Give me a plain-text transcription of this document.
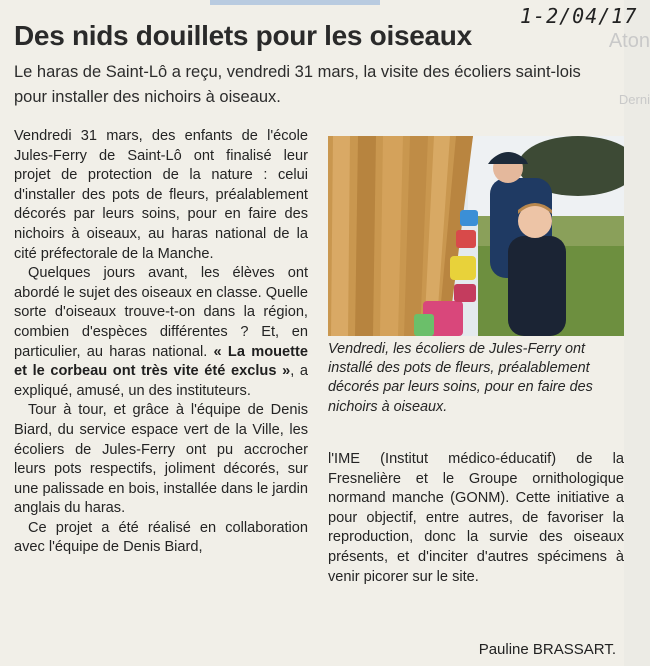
Aton
Derni
1-2/04/17
Des nids douillets pour les oiseaux

Le haras de Saint-Lô a reçu, vendredi 31 mars, la visite des écoliers saint-lois pour installer des nichoirs à oiseaux.

Vendredi 31 mars, des enfants de l'école Jules-Ferry de Saint-Lô ont finalisé leur projet de protection de la nature : celui d'installer des pots de fleurs, préalablement décorés par leurs soins, pour en faire des nichoirs à oiseaux, au haras national de la cité préfectorale de la Manche.

Quelques jours avant, les élèves ont abordé le sujet des oiseaux en classe. Quelle sorte d'oiseaux trouve-t-on dans la région, combien d'espèces différentes ? Et, en particulier, au haras national. « La mouette et le corbeau ont très vite été exclus », a expliqué, amusé, un des instituteurs.

Tour à tour, et grâce à l'équipe de Denis Biard, du service espace vert de la Ville, les écoliers de Jules-Ferry ont pu accrocher leurs pots respectifs, joliment décorés, sur une palissade en bois, installée dans le jardin anglais du haras.

Ce projet a été réalisé en collaboration avec l'équipe de Denis Biard,

Vendredi, les écoliers de Jules-Ferry ont installé des pots de fleurs, préalablement décorés par leurs soins, pour en faire des nichoirs à oiseaux.

l'IME (Institut médico-éducatif) de la Fresnelière et le Groupe ornithologique normand manche (GONM). Cette initiative a pour objectif, entre autres, de favoriser la reproduction, donc la survie des oiseaux présents, et d'inciter d'autres spécimens à venir picorer sur le site.

Pauline BRASSART.
